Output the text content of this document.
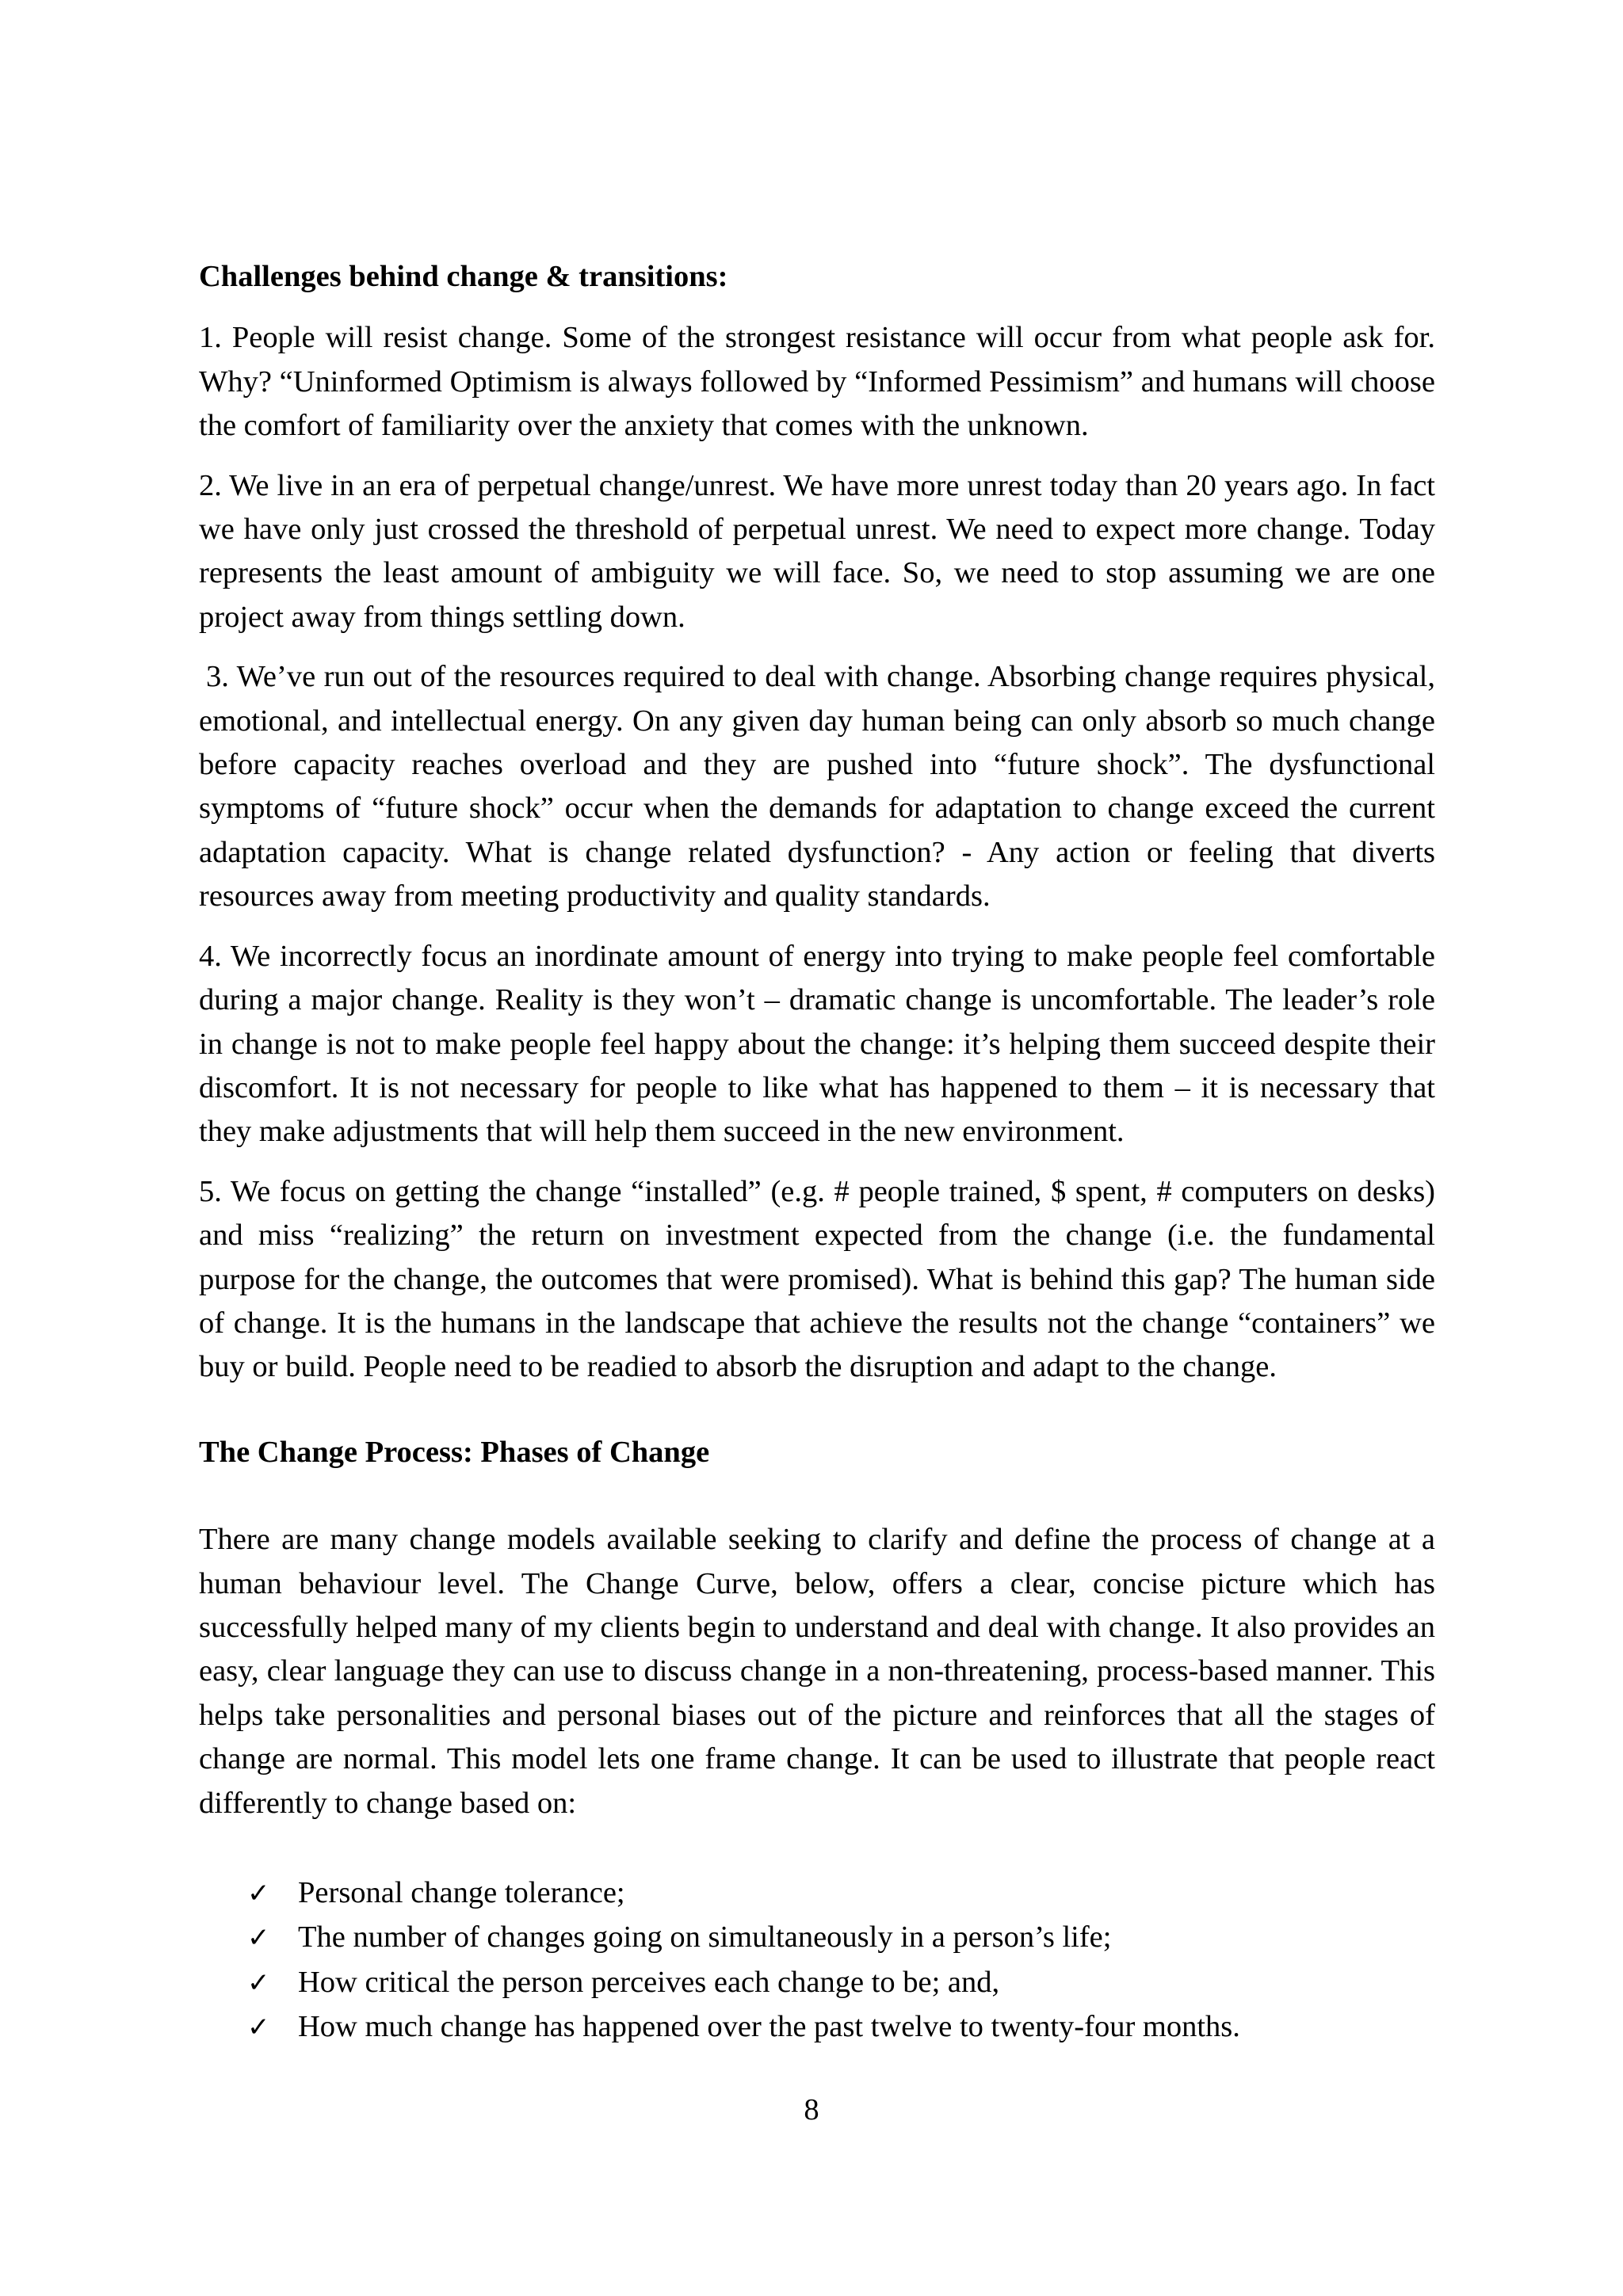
Challenges behind change & transitions:

1. People will resist change. Some of the strongest resistance will occur from what people ask for. Why? “Uninformed Optimism is always followed by “Informed Pessimism” and humans will choose the comfort of familiarity over the anxiety that comes with the unknown.

2. We live in an era of perpetual change/unrest. We have more unrest today than 20 years ago. In fact we have only just crossed the threshold of perpetual unrest. We need to expect more change. Today represents the least amount of ambiguity we will face. So, we need to stop assuming we are one project away from things settling down.

3. We’ve run out of the resources required to deal with change. Absorbing change requires physical, emotional, and intellectual energy. On any given day human being can only absorb so much change before capacity reaches overload and they are pushed into “future shock”. The dysfunctional symptoms of “future shock” occur when the demands for adaptation to change exceed the current adaptation capacity. What is change related dysfunction? - Any action or feeling that diverts resources away from meeting productivity and quality standards.

4. We incorrectly focus an inordinate amount of energy into trying to make people feel comfortable during a major change. Reality is they won’t – dramatic change is uncomfortable. The leader’s role in change is not to make people feel happy about the change: it’s helping them succeed despite their discomfort. It is not necessary for people to like what has happened to them – it is necessary that they make adjustments that will help them succeed in the new environment.

5. We focus on getting the change “installed” (e.g. # people trained, $ spent, # computers on desks) and miss “realizing” the return on investment expected from the change (i.e. the fundamental purpose for the change, the outcomes that were promised). What is behind this gap? The human side of change. It is the humans in the landscape that achieve the results not the change “containers” we buy or build. People need to be readied to absorb the disruption and adapt to the change.

The Change Process: Phases of Change

There are many change models available seeking to clarify and define the process of change at a human behaviour level. The Change Curve, below, offers a clear, concise picture which has successfully helped many of my clients begin to understand and deal with change. It also provides an easy, clear language they can use to discuss change in a non-threatening, process-based manner. This helps take personalities and personal biases out of the picture and reinforces that all the stages of change are normal. This model lets one frame change. It can be used to illustrate that people react differently to change based on:

✓ Personal change tolerance;
✓ The number of changes going on simultaneously in a person’s life;
✓ How critical the person perceives each change to be; and,
✓ How much change has happened over the past twelve to twenty-four months.
8
